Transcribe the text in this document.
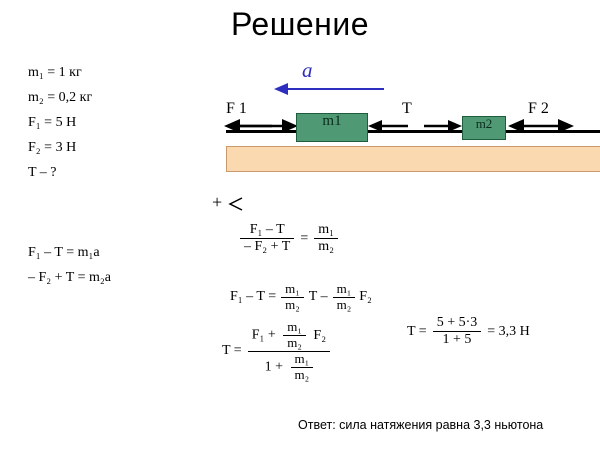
Решение
m₁ = 1 кг
m₂ = 0,2 кг
F₁ = 5 Н
F₂ = 3 Н
T – ?
F₁ – T = m₁a
– F₂ + T = m₂a
a
m1	m2
F 1	T	F 2
+
$\frac{\text{F₁ – T}}{\text{– F₂ + T}} = \frac{\text{m₁}}{\text{m₂}}$
$F_1 - T = \frac{\text{m₁}}{\text{m₂}}$ T – $\frac{\text{m₁}}{\text{m₂}} F_2$
T =
$F_1 + \frac{\text{m₁}}{\text{m₂}} F_2$
$1 + \frac{\text{m₁}}{\text{m₂}}$
$T = \frac{5 + 5\cdot 3}{1 + 5} = 3,3$ Н
Ответ: сила натяжения равна 3,3 ньютона
